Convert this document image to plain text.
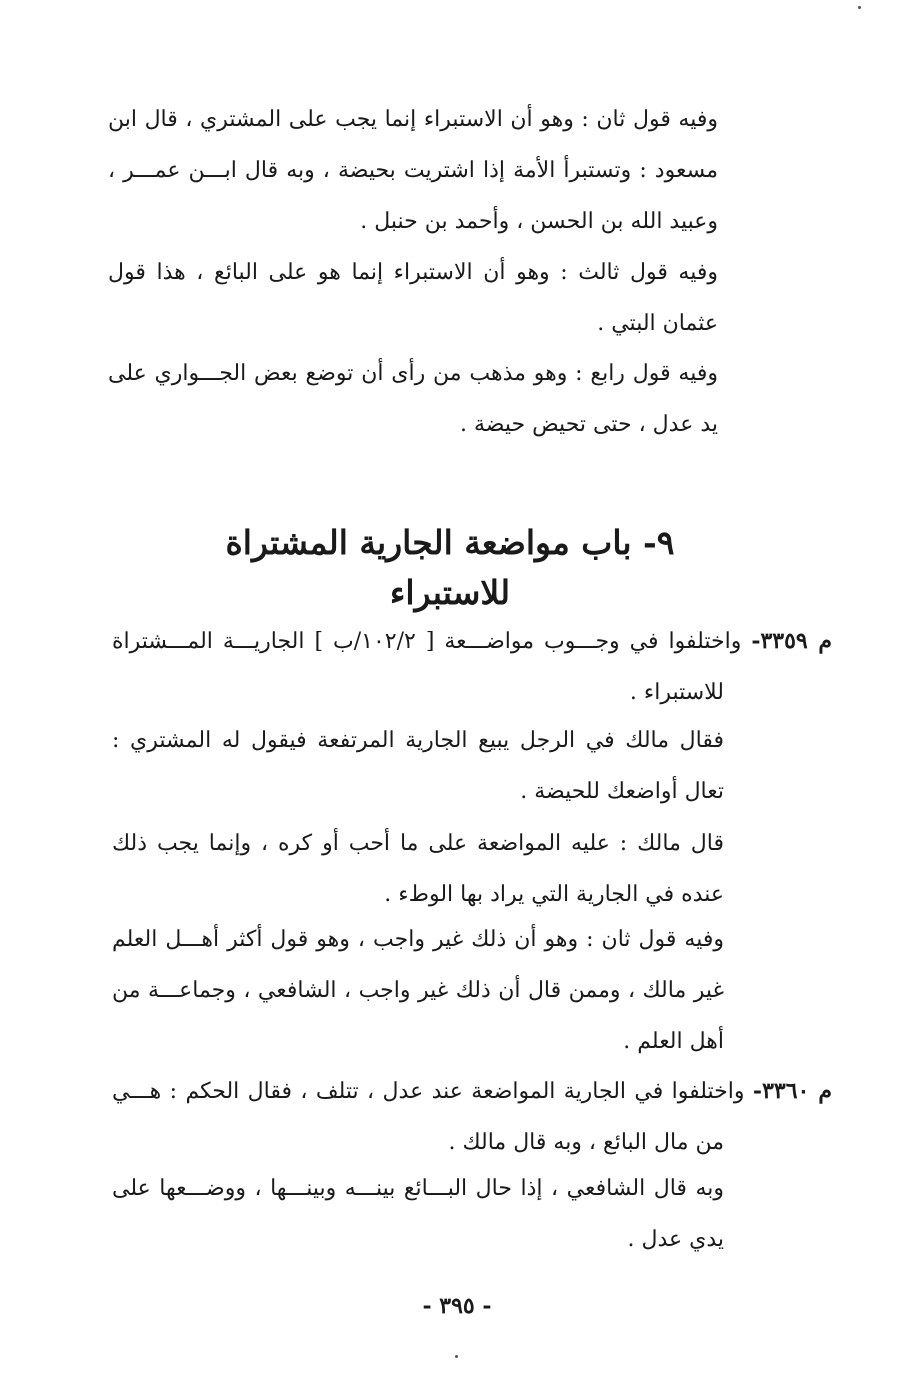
وفيه قول ثان : وهو أن الاستبراء إنما يجب على المشتري ، قال ابن مسعود : وتستبرأ الأمة إذا اشتريت بحيضة ، وبه قال ابـــن عمـــر ، وعبيد الله بن الحسن ، وأحمد بن حنبل .

وفيه قول ثالث : وهو أن الاستبراء إنما هو على البائع ، هذا قول عثمان البتي .

وفيه قول رابع : وهو مذهب من رأى أن توضع بعض الجـــواري على يد عدل ، حتى تحيض حيضة .

٩- باب مواضعة الجارية المشتراة للاستبراء
م ٣٣٥٩- واختلفوا في وجـــوب مواضـــعة [ ١٠٢/٢/ب ] الجاريـــة المـــشتراة
للاستبراء .

فقال مالك في الرجل يبيع الجارية المرتفعة فيقول له المشتري : تعال أواضعك للحيضة .

قال مالك : عليه المواضعة على ما أحب أو كره ، وإنما يجب ذلك عنده في الجارية التي يراد بها الوطء .

وفيه قول ثان : وهو أن ذلك غير واجب ، وهو قول أكثر أهـــل العلم غير مالك ، وممن قال أن ذلك غير واجب ، الشافعي ، وجماعـــة من أهل العلم .

م ٣٣٦٠- واختلفوا في الجارية المواضعة عند عدل ، تتلف ، فقال الحكم : هـــي
من مال البائع ، وبه قال مالك .

وبه قال الشافعي ، إذا حال البـــائع بينـــه وبينـــها ، ووضـــعها على يدي عدل .

- ٣٩٥ -
